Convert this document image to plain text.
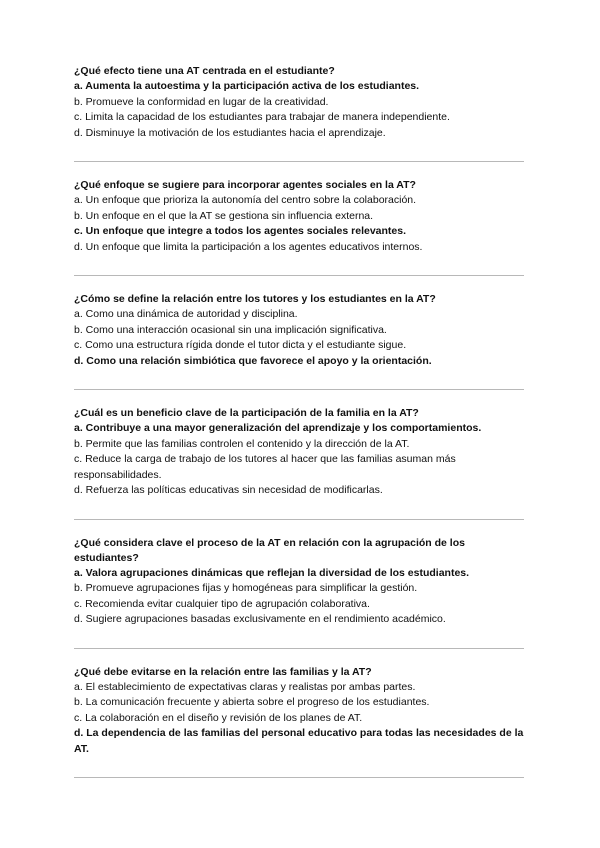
¿Qué efecto tiene una AT centrada en el estudiante?

a. Aumenta la autoestima y la participación activa de los estudiantes.

b. Promueve la conformidad en lugar de la creatividad.

c. Limita la capacidad de los estudiantes para trabajar de manera independiente.

d. Disminuye la motivación de los estudiantes hacia el aprendizaje.

¿Qué enfoque se sugiere para incorporar agentes sociales en la AT?

a. Un enfoque que prioriza la autonomía del centro sobre la colaboración.

b. Un enfoque en el que la AT se gestiona sin influencia externa.

c. Un enfoque que integre a todos los agentes sociales relevantes.

d. Un enfoque que limita la participación a los agentes educativos internos.

¿Cómo se define la relación entre los tutores y los estudiantes en la AT?

a. Como una dinámica de autoridad y disciplina.

b. Como una interacción ocasional sin una implicación significativa.

c. Como una estructura rígida donde el tutor dicta y el estudiante sigue.

d. Como una relación simbiótica que favorece el apoyo y la orientación.

¿Cuál es un beneficio clave de la participación de la familia en la AT?

a. Contribuye a una mayor generalización del aprendizaje y los comportamientos.

b. Permite que las familias controlen el contenido y la dirección de la AT.

c. Reduce la carga de trabajo de los tutores al hacer que las familias asuman más responsabilidades.

d. Refuerza las políticas educativas sin necesidad de modificarlas.

¿Qué considera clave el proceso de la AT en relación con la agrupación de los estudiantes?

a. Valora agrupaciones dinámicas que reflejan la diversidad de los estudiantes.

b. Promueve agrupaciones fijas y homogéneas para simplificar la gestión.

c. Recomienda evitar cualquier tipo de agrupación colaborativa.

d. Sugiere agrupaciones basadas exclusivamente en el rendimiento académico.

¿Qué debe evitarse en la relación entre las familias y la AT?

a. El establecimiento de expectativas claras y realistas por ambas partes.

b. La comunicación frecuente y abierta sobre el progreso de los estudiantes.

c. La colaboración en el diseño y revisión de los planes de AT.

d. La dependencia de las familias del personal educativo para todas las necesidades de la AT.
